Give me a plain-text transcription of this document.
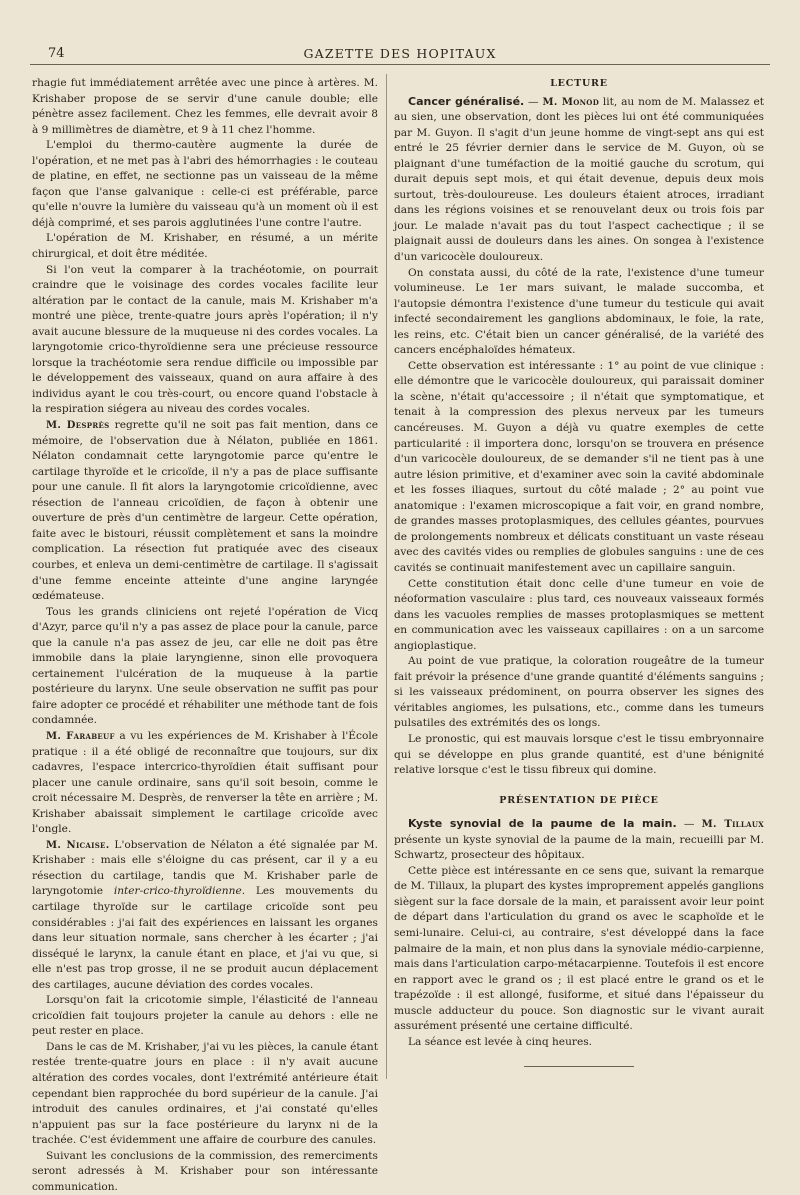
74	GAZETTE DES HOPITAUX

rhagie fut immédiatement arrêtée avec une pince à artères. M. Krishaber propose de se servir d'une canule double; elle pénètre assez facilement. Chez les femmes, elle devrait avoir 8 à 9 millimètres de diamètre, et 9 à 11 chez l'homme.

L'emploi du thermo-cautère augmente la durée de l'opération, et ne met pas à l'abri des hémorrhagies : le couteau de platine, en effet, ne sectionne pas un vaisseau de la même façon que l'anse galvanique : celle-ci est préférable, parce qu'elle n'ouvre la lumière du vaisseau qu'à un moment où il est déjà comprimé, et ses parois agglutinées l'une contre l'autre.

L'opération de M. Krishaber, en résumé, a un mérite chirurgical, et doit être méditée.

Si l'on veut la comparer à la trachéotomie, on pourrait craindre que le voisinage des cordes vocales facilite leur altération par le contact de la canule, mais M. Krishaber m'a montré une pièce, trente-quatre jours après l'opération; il n'y avait aucune blessure de la muqueuse ni des cordes vocales. La laryngotomie crico-thyroïdienne sera une précieuse ressource lorsque la trachéotomie sera rendue difficile ou impossible par le développement des vaisseaux, quand on aura affaire à des individus ayant le cou très-court, ou encore quand l'obstacle à la respiration siégera au niveau des cordes vocales.

M. Desprès regrette qu'il ne soit pas fait mention, dans ce mémoire, de l'observation due à Nélaton, publiée en 1861. Nélaton condamnait cette laryngotomie parce qu'entre le cartilage thyroïde et le cricoïde, il n'y a pas de place suffisante pour une canule. Il fit alors la laryngotomie cricoïdienne, avec résection de l'anneau cricoïdien, de façon à obtenir une ouverture de près d'un centimètre de largeur. Cette opération, faite avec le bistouri, réussit complètement et sans la moindre complication. La résection fut pratiquée avec des ciseaux courbes, et enleva un demi-centimètre de cartilage. Il s'agissait d'une femme enceinte atteinte d'une angine laryngée œdémateuse.

Tous les grands cliniciens ont rejeté l'opération de Vicq d'Azyr, parce qu'il n'y a pas assez de place pour la canule, parce que la canule n'a pas assez de jeu, car elle ne doit pas être immobile dans la plaie laryngienne, sinon elle provoquera certainement l'ulcération de la muqueuse à la partie postérieure du larynx. Une seule observation ne suffit pas pour faire adopter ce procédé et réhabiliter une méthode tant de fois condamnée.

M. Farabeuf a vu les expériences de M. Krishaber à l'École pratique : il a été obligé de reconnaître que toujours, sur dix cadavres, l'espace intercrico-thyroïdien était suffisant pour placer une canule ordinaire, sans qu'il soit besoin, comme le croit nécessaire M. Desprès, de renverser la tête en arrière ; M. Krishaber abaissait simplement le cartilage cricoïde avec l'ongle.

M. Nicaise. L'observation de Nélaton a été signalée par M. Krishaber : mais elle s'éloigne du cas présent, car il y a eu résection du cartilage, tandis que M. Krishaber parle de laryngotomie inter-crico-thyroïdienne. Les mouvements du cartilage thyroïde sur le cartilage cricoïde sont peu considérables : j'ai fait des expériences en laissant les organes dans leur situation normale, sans chercher à les écarter ; j'ai disséqué le larynx, la canule étant en place, et j'ai vu que, si elle n'est pas trop grosse, il ne se produit aucun déplacement des cartilages, aucune déviation des cordes vocales.

Lorsqu'on fait la cricotomie simple, l'élasticité de l'anneau cricoïdien fait toujours projeter la canule au dehors : elle ne peut rester en place.

Dans le cas de M. Krishaber, j'ai vu les pièces, la canule étant restée trente-quatre jours en place : il n'y avait aucune altération des cordes vocales, dont l'extrémité antérieure était cependant bien rapprochée du bord supérieur de la canule. J'ai introduit des canules ordinaires, et j'ai constaté qu'elles n'appuient pas sur la face postérieure du larynx ni de la trachée. C'est évidemment une affaire de courbure des canules.

Suivant les conclusions de la commission, des remerciments seront adressés à M. Krishaber pour son intéressante communication.

LECTURE

Cancer généralisé. — M. Monod lit, au nom de M. Malassez et au sien, une observation, dont les pièces lui ont été communiquées par M. Guyon. Il s'agit d'un jeune homme de vingt-sept ans qui est entré le 25 février dernier dans le service de M. Guyon, où se plaignant d'une tuméfaction de la moitié gauche du scrotum, qui durait depuis sept mois, et qui était devenue, depuis deux mois surtout, très-douloureuse. Les douleurs étaient atroces, irradiant dans les régions voisines et se renouvelant deux ou trois fois par jour. Le malade n'avait pas du tout l'aspect cachectique ; il se plaignait aussi de douleurs dans les aines. On songea à l'existence d'un varicocèle douloureux.

On constata aussi, du côté de la rate, l'existence d'une tumeur volumineuse. Le 1er mars suivant, le malade succomba, et l'autopsie démontra l'existence d'une tumeur du testicule qui avait infecté secondairement les ganglions abdominaux, le foie, la rate, les reins, etc. C'était bien un cancer généralisé, de la variété des cancers encéphaloïdes hémateux.

Cette observation est intéressante : 1° au point de vue clinique : elle démontre que le varicocèle douloureux, qui paraissait dominer la scène, n'était qu'accessoire ; il n'était que symptomatique, et tenait à la compression des plexus nerveux par les tumeurs cancéreuses. M. Guyon a déjà vu quatre exemples de cette particularité : il importera donc, lorsqu'on se trouvera en présence d'un varicocèle douloureux, de se demander s'il ne tient pas à une autre lésion primitive, et d'examiner avec soin la cavité abdominale et les fosses iliaques, surtout du côté malade ; 2° au point vue anatomique : l'examen microscopique a fait voir, en grand nombre, de grandes masses protoplasmiques, des cellules géantes, pourvues de prolongements nombreux et délicats constituant un vaste réseau avec des cavités vides ou remplies de globules sanguins : une de ces cavités se continuait manifestement avec un capillaire sanguin.

Cette constitution était donc celle d'une tumeur en voie de néoformation vasculaire : plus tard, ces nouveaux vaisseaux formés dans les vacuoles remplies de masses protoplasmiques se mettent en communication avec les vaisseaux capillaires : on a un sarcome angioplastique.

Au point de vue pratique, la coloration rougeâtre de la tumeur fait prévoir la présence d'une grande quantité d'éléments sanguins ; si les vaisseaux prédominent, on pourra observer les signes des véritables angiomes, les pulsations, etc., comme dans les tumeurs pulsatiles des extrémités des os longs.

Le pronostic, qui est mauvais lorsque c'est le tissu embryonnaire qui se développe en plus grande quantité, est d'une bénignité relative lorsque c'est le tissu fibreux qui domine.

PRÉSENTATION DE PIÈCE

Kyste synovial de la paume de la main. — M. Tillaux présente un kyste synovial de la paume de la main, recueilli par M. Schwartz, prosecteur des hôpitaux.

Cette pièce est intéressante en ce sens que, suivant la remarque de M. Tillaux, la plupart des kystes improprement appelés ganglions siègent sur la face dorsale de la main, et paraissent avoir leur point de départ dans l'articulation du grand os avec le scaphoïde et le semi-lunaire. Celui-ci, au contraire, s'est développé dans la face palmaire de la main, et non plus dans la synoviale médio-carpienne, mais dans l'articulation carpo-métacarpienne. Toutefois il est encore en rapport avec le grand os ; il est placé entre le grand os et le trapézoïde : il est allongé, fusiforme, et situé dans l'épaisseur du muscle adducteur du pouce. Son diagnostic sur le vivant aurait assurément présenté une certaine difficulté.

La séance est levée à cinq heures.
